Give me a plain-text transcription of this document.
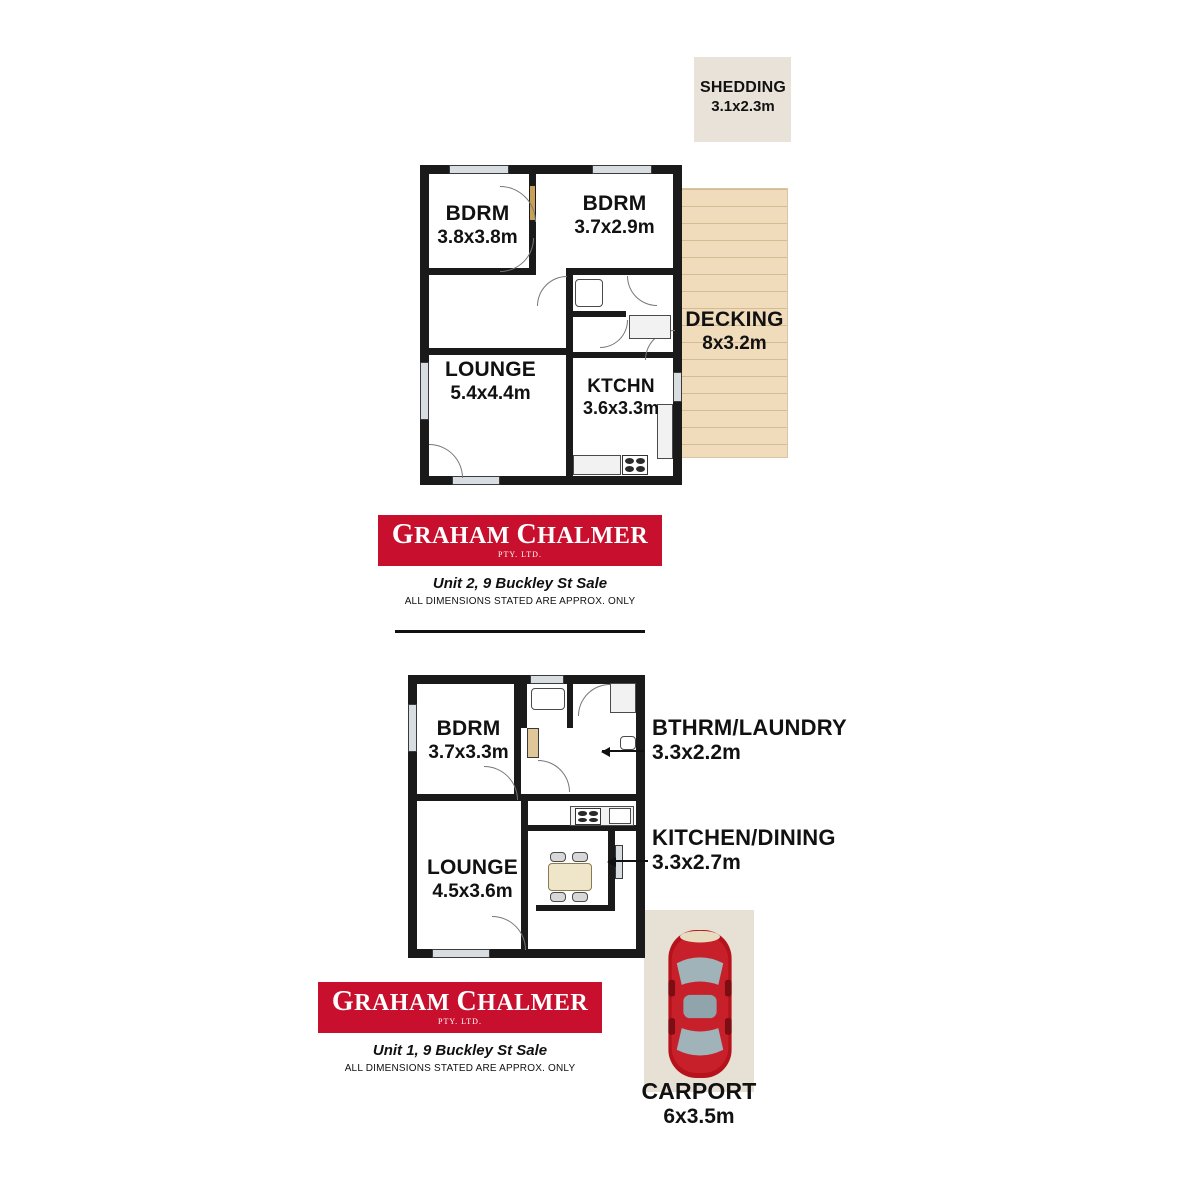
SHEDDING
3.1x2.3m
DECKING
8x3.2m
BDRM
3.8x3.8m
BDRM
3.7x2.9m
LOUNGE
5.4x4.4m	KTCHN
3.6x3.3m
GRAHAM CHALMER
PTY. LTD.
Unit 2, 9 Buckley St Sale
ALL DIMENSIONS STATED ARE APPROX. ONLY
CARPORT
6x3.5m
BTHRM/LAUNDRY
3.3x2.2m
KITCHEN/DINING
3.3x2.7m
BDRM
3.7x3.3m
LOUNGE
4.5x3.6m
GRAHAM CHALMER
PTY. LTD.
Unit 1, 9 Buckley St Sale
ALL DIMENSIONS STATED ARE APPROX. ONLY
